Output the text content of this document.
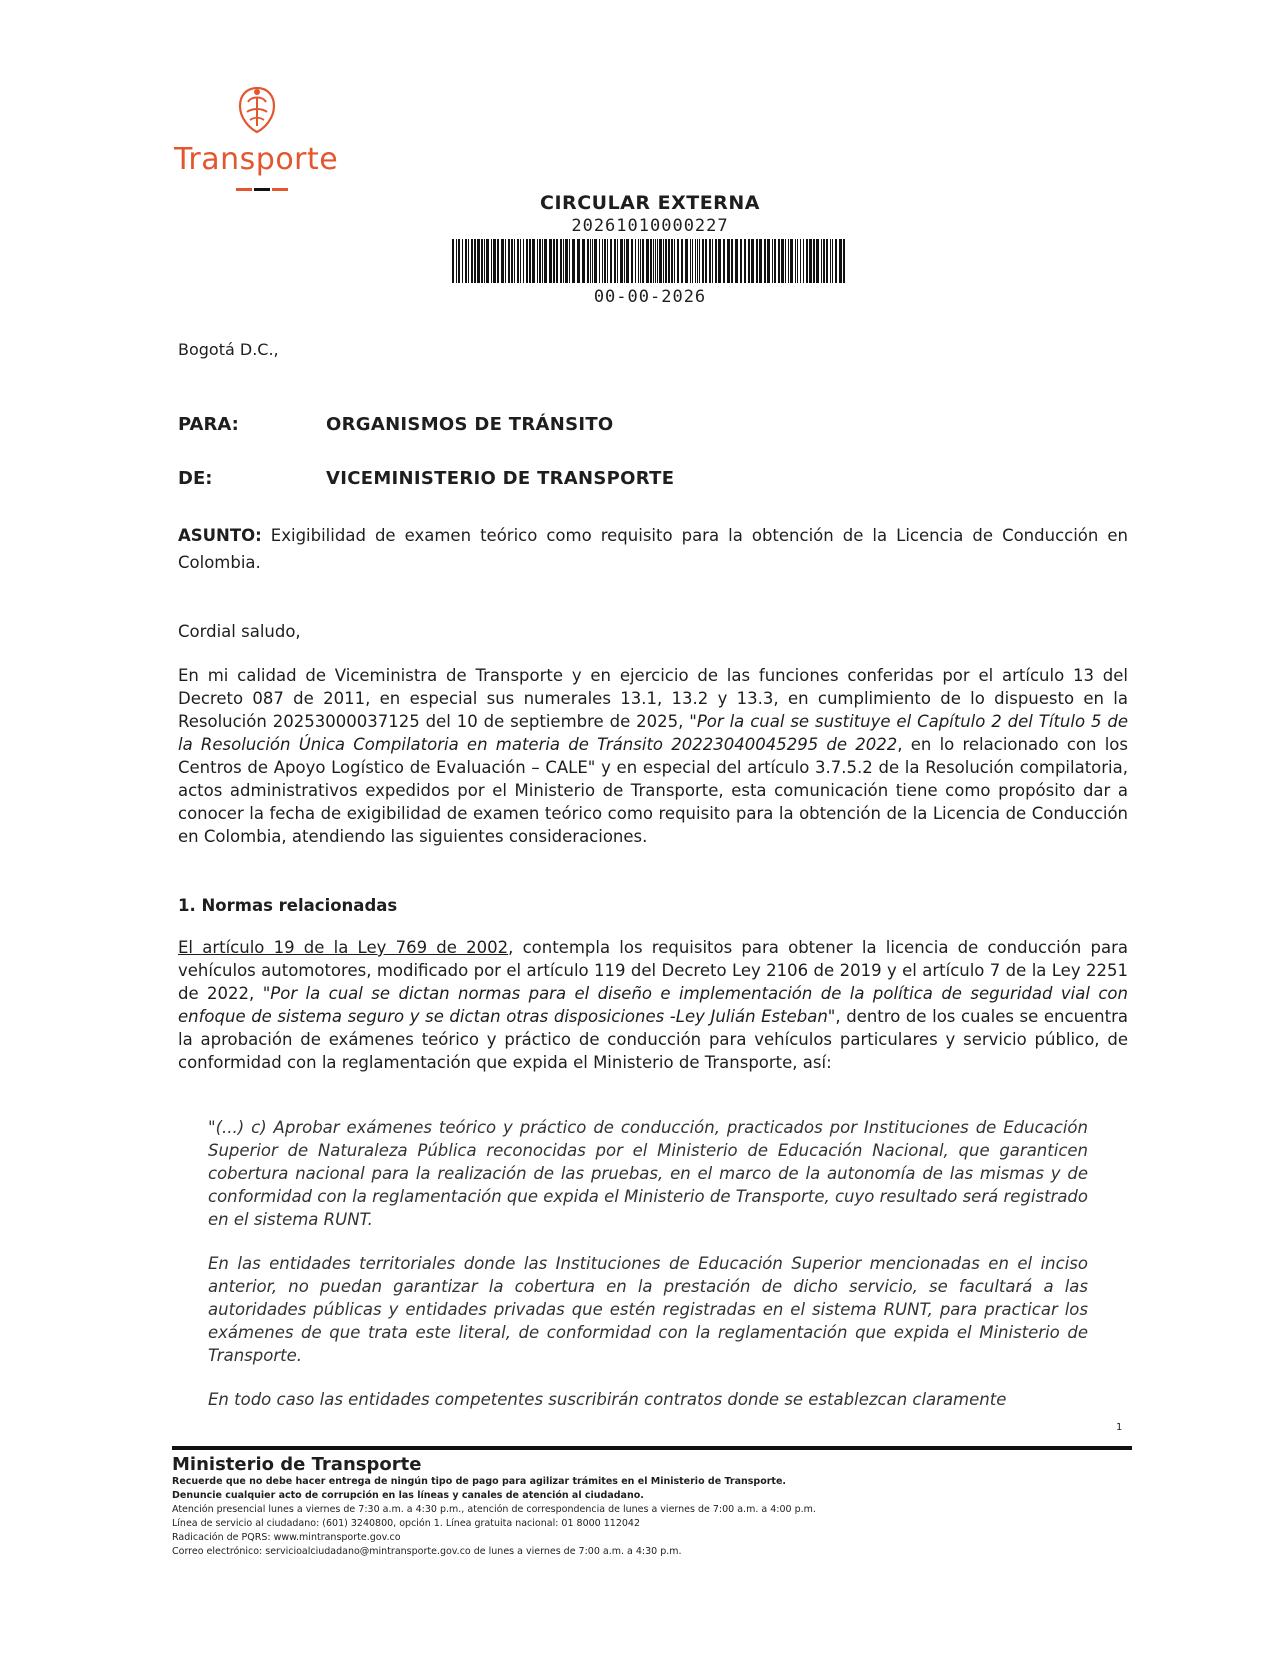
Transporte
CIRCULAR EXTERNA
20261010000227
00-00-2026
Bogotá D.C.,
PARA:	ORGANISMOS DE TRÁNSITO
DE:	VICEMINISTERIO DE TRANSPORTE
ASUNTO: Exigibilidad de examen teórico como requisito para la obtención de la Licencia de Conducción en Colombia.
Cordial saludo,

En mi calidad de Viceministra de Transporte y en ejercicio de las funciones conferidas por el artículo 13 del Decreto 087 de 2011, en especial sus numerales 13.1, 13.2 y 13.3, en cumplimiento de lo dispuesto en la Resolución 20253000037125 del 10 de septiembre de 2025, "Por la cual se sustituye el Capítulo 2 del Título 5 de la Resolución Única Compilatoria en materia de Tránsito 20223040045295 de 2022, en lo relacionado con los Centros de Apoyo Logístico de Evaluación – CALE" y en especial del artículo 3.7.5.2 de la Resolución compilatoria, actos administrativos expedidos por el Ministerio de Transporte, esta comunicación tiene como propósito dar a conocer la fecha de exigibilidad de examen teórico como requisito para la obtención de la Licencia de Conducción en Colombia, atendiendo las siguientes consideraciones.

1. Normas relacionadas

El artículo 19 de la Ley 769 de 2002, contempla los requisitos para obtener la licencia de conducción para vehículos automotores, modificado por el artículo 119 del Decreto Ley 2106 de 2019 y el artículo 7 de la Ley 2251 de 2022, "Por la cual se dictan normas para el diseño e implementación de la política de seguridad vial con enfoque de sistema seguro y se dictan otras disposiciones -Ley Julián Esteban", dentro de los cuales se encuentra la aprobación de exámenes teórico y práctico de conducción para vehículos particulares y servicio público, de conformidad con la reglamentación que expida el Ministerio de Transporte, así:

"(...) c) Aprobar exámenes teórico y práctico de conducción, practicados por Instituciones de Educación Superior de Naturaleza Pública reconocidas por el Ministerio de Educación Nacional, que garanticen cobertura nacional para la realización de las pruebas, en el marco de la autonomía de las mismas y de conformidad con la reglamentación que expida el Ministerio de Transporte, cuyo resultado será registrado en el sistema RUNT.

En las entidades territoriales donde las Instituciones de Educación Superior mencionadas en el inciso anterior, no puedan garantizar la cobertura en la prestación de dicho servicio, se facultará a las autoridades públicas y entidades privadas que estén registradas en el sistema RUNT, para practicar los exámenes de que trata este literal, de conformidad con la reglamentación que expida el Ministerio de Transporte.

En todo caso las entidades competentes suscribirán contratos donde se establezcan claramente

1
Ministerio de Transporte
Recuerde que no debe hacer entrega de ningún tipo de pago para agilizar trámites en el Ministerio de Transporte.
Denuncie cualquier acto de corrupción en las líneas y canales de atención al ciudadano.
Atención presencial lunes a viernes de 7:30 a.m. a 4:30 p.m., atención de correspondencia de lunes a viernes de 7:00 a.m. a 4:00 p.m.
Línea de servicio al ciudadano: (601) 3240800, opción 1. Línea gratuita nacional: 01 8000 112042
Radicación de PQRS: www.mintransporte.gov.co
Correo electrónico: servicioalciudadano@mintransporte.gov.co de lunes a viernes de 7:00 a.m. a 4:30 p.m.
